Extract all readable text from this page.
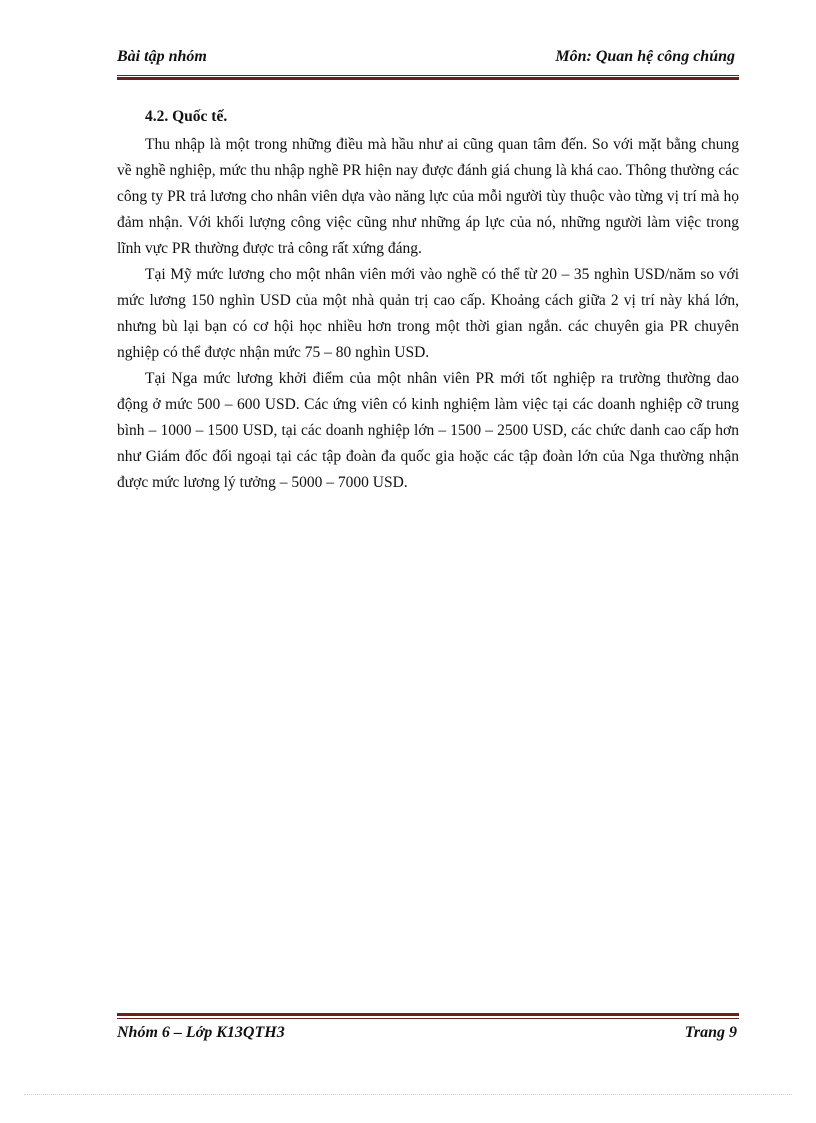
Bài tập nhóm	Môn: Quan hệ công chúng

4.2. Quốc tế.

Thu nhập là một trong những điều mà hầu như ai cũng quan tâm đến. So với mặt bằng chung về nghề nghiệp, mức thu nhập nghề PR hiện nay được đánh giá chung là khá cao. Thông thường các công ty PR trả lương cho nhân viên dựa vào năng lực của mỗi người tùy thuộc vào từng vị trí mà họ đảm nhận. Với khối lượng công việc cũng như những áp lực của nó, những người làm việc trong lĩnh vực PR thường được trả công rất xứng đáng.

Tại Mỹ mức lương cho một nhân viên mới vào nghề có thể từ 20 – 35 nghìn USD/năm so với mức lương 150 nghìn USD của một nhà quản trị cao cấp. Khoảng cách giữa 2 vị trí này khá lớn, nhưng bù lại bạn có cơ hội học nhiều hơn trong một thời gian ngắn. các chuyên gia PR chuyên nghiệp có thể được nhận mức 75 – 80 nghìn USD.

Tại Nga mức lương khởi điểm của một nhân viên PR mới tốt nghiệp ra trường thường dao động ở mức 500 – 600 USD. Các ứng viên có kinh nghiệm làm việc tại các doanh nghiệp cỡ trung bình – 1000 – 1500 USD, tại các doanh nghiệp lớn – 1500 – 2500 USD, các chức danh cao cấp hơn như Giám đốc đối ngoại tại các tập đoàn đa quốc gia hoặc các tập đoàn lớn của Nga thường nhận được mức lương lý tưởng – 5000 – 7000 USD.

Nhóm 6 – Lớp K13QTH3	Trang 9
